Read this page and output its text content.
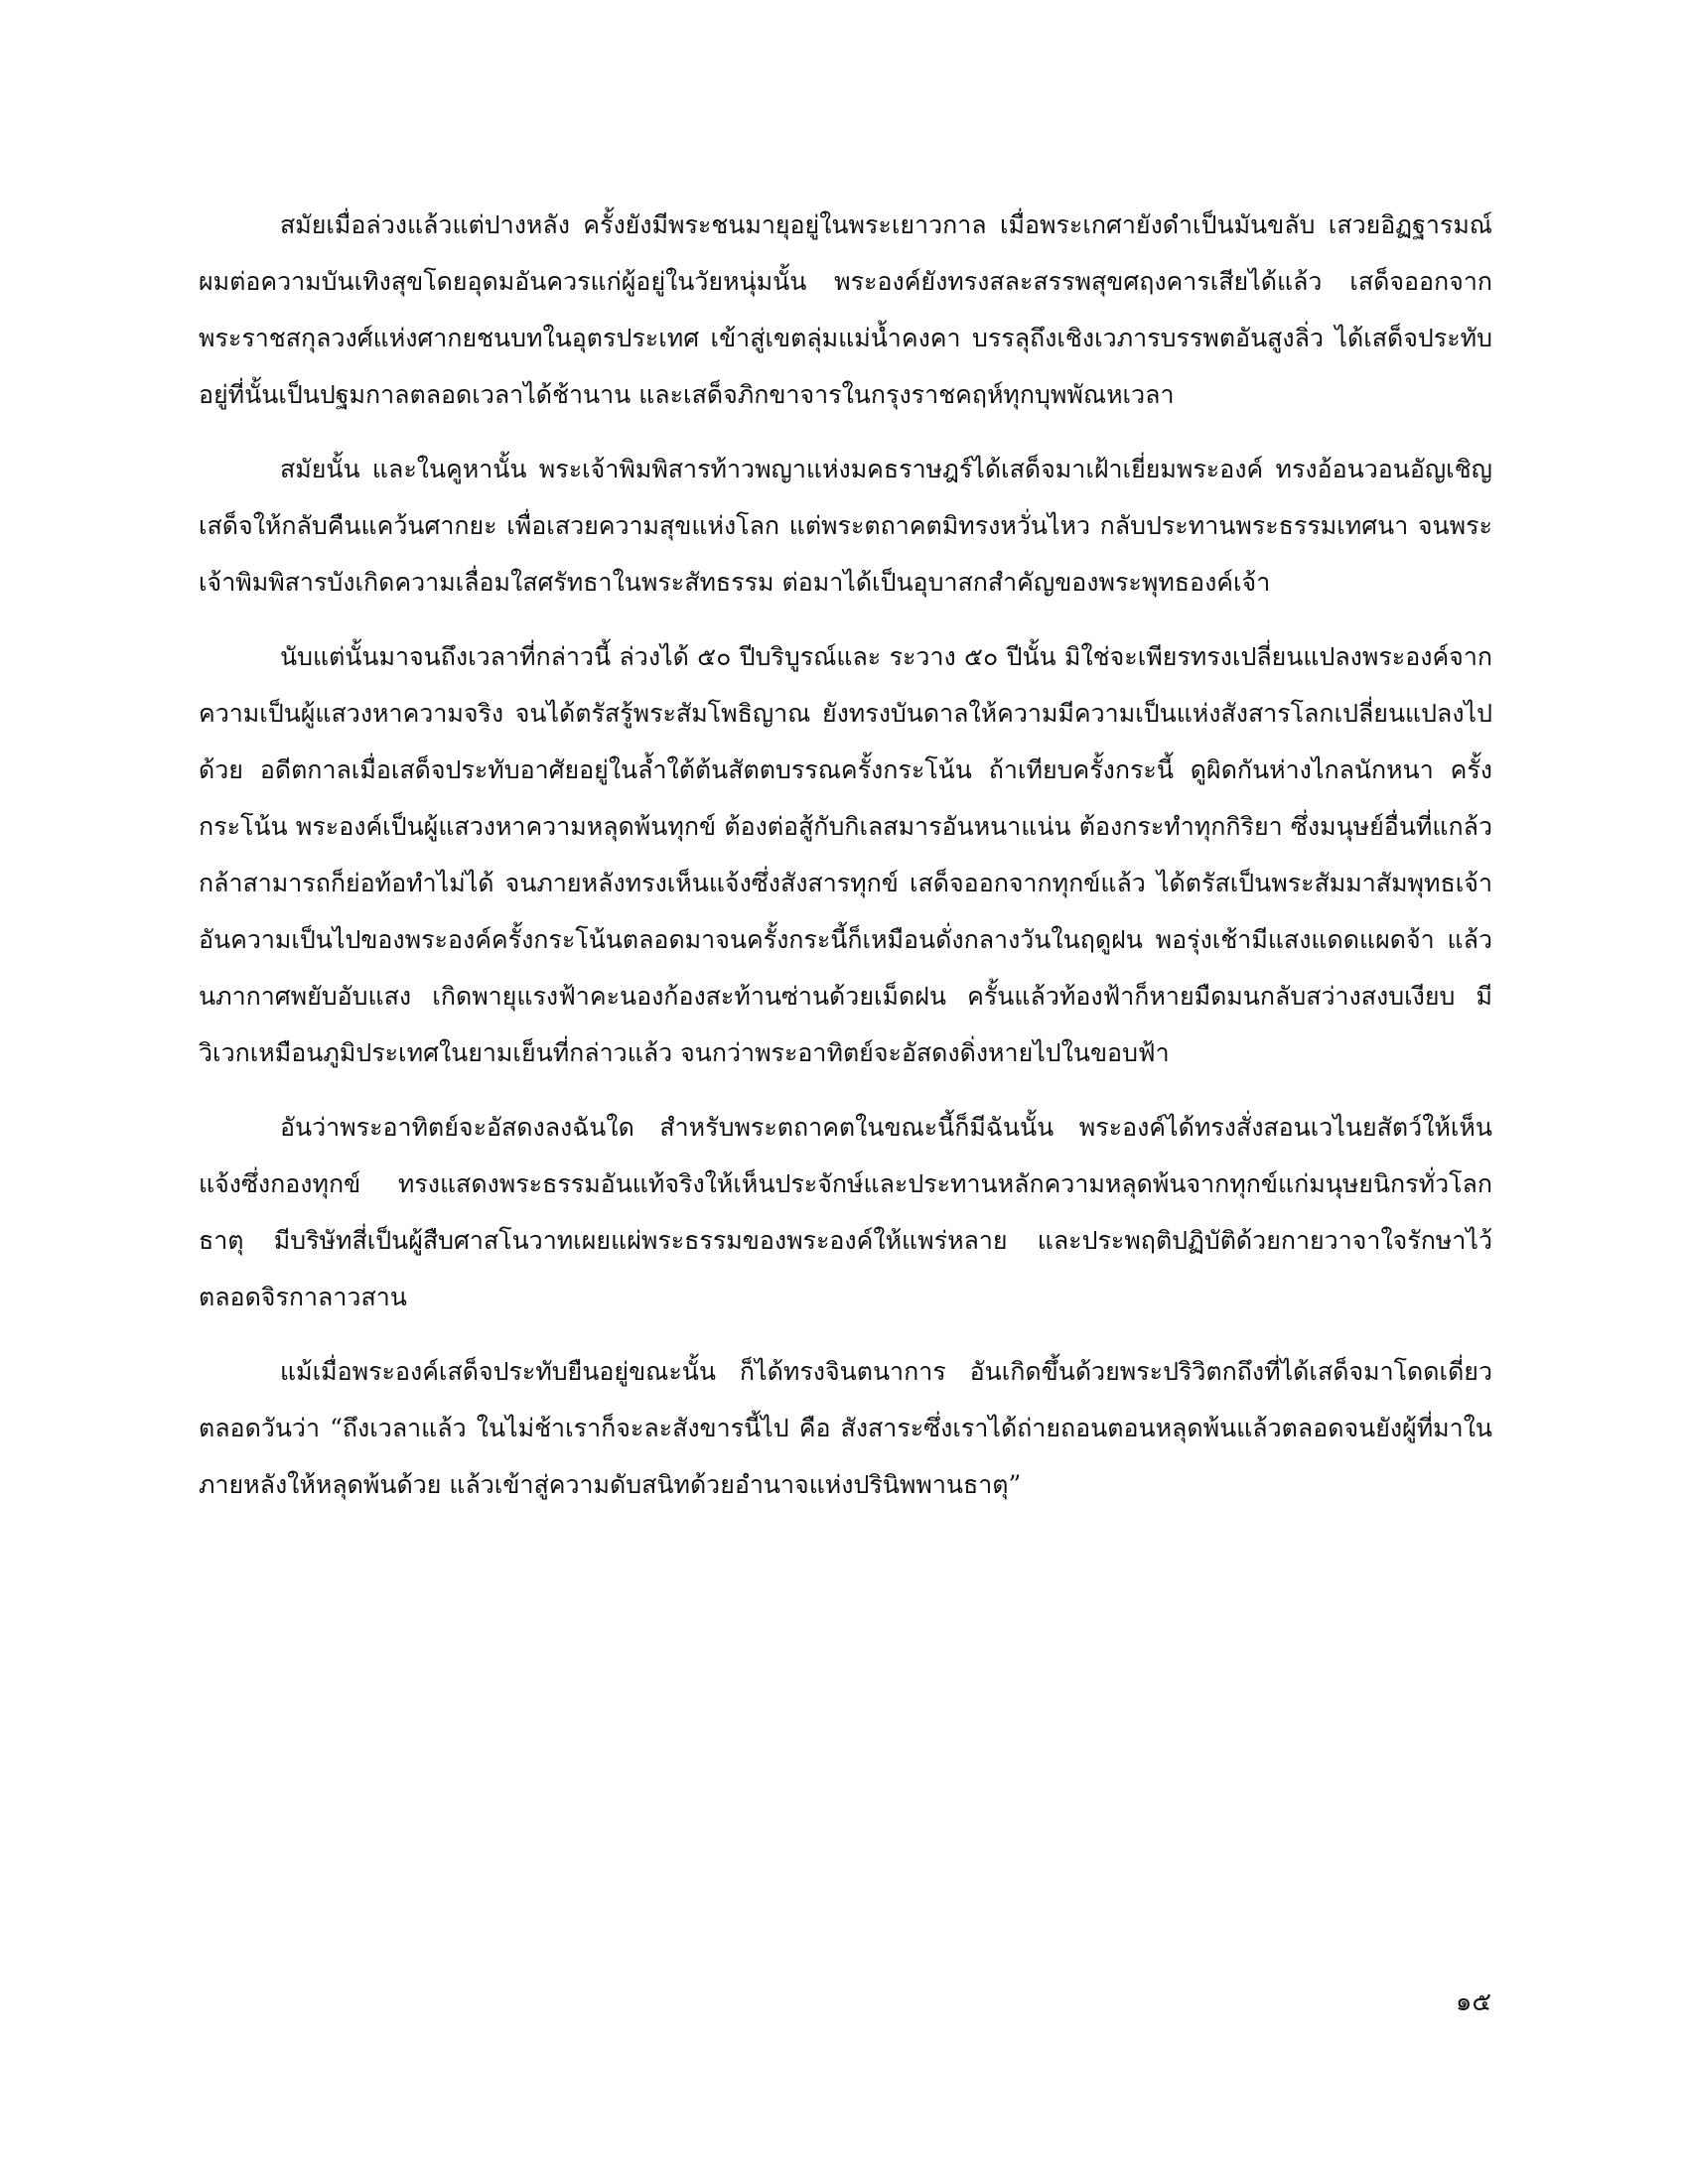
สมัยเมื่อล่วงแล้วแต่ปางหลัง ครั้งยังมีพระชนมายุอยู่ในพระเยาวกาล เมื่อพระเกศายังดำเป็นมันขลับ เสวยอิฏฐารมณ์ผมต่อความบันเทิงสุขโดยอุดมอันควรแก่ผู้อยู่ในวัยหนุ่มนั้น พระองค์ยังทรงสละสรรพสุขศฤงคารเสียได้แล้ว เสด็จออกจากพระราชสกุลวงศ์แห่งศากยชนบทในอุตรประเทศ เข้าสู่เขตลุ่มแม่น้ำคงคา บรรลุถึงเชิงเวภารบรรพตอันสูงลิ่ว ได้เสด็จประทับอยู่ที่นั้นเป็นปฐมกาลตลอดเวลาได้ช้านาน และเสด็จภิกขาจารในกรุงราชคฤห์ทุกบุพพัณหเวลา

สมัยนั้น และในคูหานั้น พระเจ้าพิมพิสารท้าวพญาแห่งมคธราษฎร์ได้เสด็จมาเฝ้าเยี่ยมพระองค์ ทรงอ้อนวอนอัญเชิญเสด็จให้กลับคืนแคว้นศากยะ เพื่อเสวยความสุขแห่งโลก แต่พระตถาคตมิทรงหวั่นไหว กลับประทานพระธรรมเทศนา จนพระเจ้าพิมพิสารบังเกิดความเลื่อมใสศรัทธาในพระสัทธรรม ต่อมาได้เป็นอุบาสกสำคัญของพระพุทธองค์เจ้า

นับแต่นั้นมาจนถึงเวลาที่กล่าวนี้ ล่วงได้ ๕๐ ปีบริบูรณ์และ ระวาง ๕๐ ปีนั้น มิใช่จะเพียรทรงเปลี่ยนแปลงพระองค์จากความเป็นผู้แสวงหาความจริง จนได้ตรัสรู้พระสัมโพธิญาณ ยังทรงบันดาลให้ความมีความเป็นแห่งสังสารโลกเปลี่ยนแปลงไปด้วย อดีตกาลเมื่อเสด็จประทับอาศัยอยู่ในล้ำใต้ต้นสัตตบรรณครั้งกระโน้น ถ้าเทียบครั้งกระนี้ ดูผิดกันห่างไกลนักหนา ครั้งกระโน้น พระองค์เป็นผู้แสวงหาความหลุดพ้นทุกข์ ต้องต่อสู้กับกิเลสมารอันหนาแน่น ต้องกระทำทุกกิริยา ซึ่งมนุษย์อื่นที่แกล้วกล้าสามารถก็ย่อท้อทำไม่ได้ จนภายหลังทรงเห็นแจ้งซึ่งสังสารทุกข์ เสด็จออกจากทุกข์แล้ว ได้ตรัสเป็นพระสัมมาสัมพุทธเจ้า อันความเป็นไปของพระองค์ครั้งกระโน้นตลอดมาจนครั้งกระนี้ก็เหมือนดั่งกลางวันในฤดูฝน พอรุ่งเช้ามีแสงแดดแผดจ้า แล้วนภากาศพยับอับแสง เกิดพายุแรงฟ้าคะนองก้องสะท้านซ่านด้วยเม็ดฝน ครั้นแล้วท้องฟ้าก็หายมืดมนกลับสว่างสงบเงียบ มีวิเวกเหมือนภูมิประเทศในยามเย็นที่กล่าวแล้ว จนกว่าพระอาทิตย์จะอัสดงดิ่งหายไปในขอบฟ้า

อันว่าพระอาทิตย์จะอัสดงลงฉันใด สำหรับพระตถาคตในขณะนี้ก็มีฉันนั้น พระองค์ได้ทรงสั่งสอนเวไนยสัตว์ให้เห็นแจ้งซึ่งกองทุกข์ ทรงแสดงพระธรรมอันแท้จริงให้เห็นประจักษ์และประทานหลักความหลุดพ้นจากทุกข์แก่มนุษยนิกรทั่วโลกธาตุ มีบริษัทสี่เป็นผู้สืบศาสโนวาทเผยแผ่พระธรรมของพระองค์ให้แพร่หลาย และประพฤติปฏิบัติด้วยกายวาจาใจรักษาไว้ตลอดจิรกาลาวสาน

แม้เมื่อพระองค์เสด็จประทับยืนอยู่ขณะนั้น ก็ได้ทรงจินตนาการ อันเกิดขึ้นด้วยพระปริวิตกถึงที่ได้เสด็จมาโดดเดี่ยวตลอดวันว่า “ถึงเวลาแล้ว ในไม่ช้าเราก็จะละสังขารนี้ไป คือ สังสาระซึ่งเราได้ถ่ายถอนตอนหลุดพ้นแล้วตลอดจนยังผู้ที่มาในภายหลังให้หลุดพ้นด้วย แล้วเข้าสู่ความดับสนิทด้วยอำนาจแห่งปรินิพพานธาตุ”

๑๕
